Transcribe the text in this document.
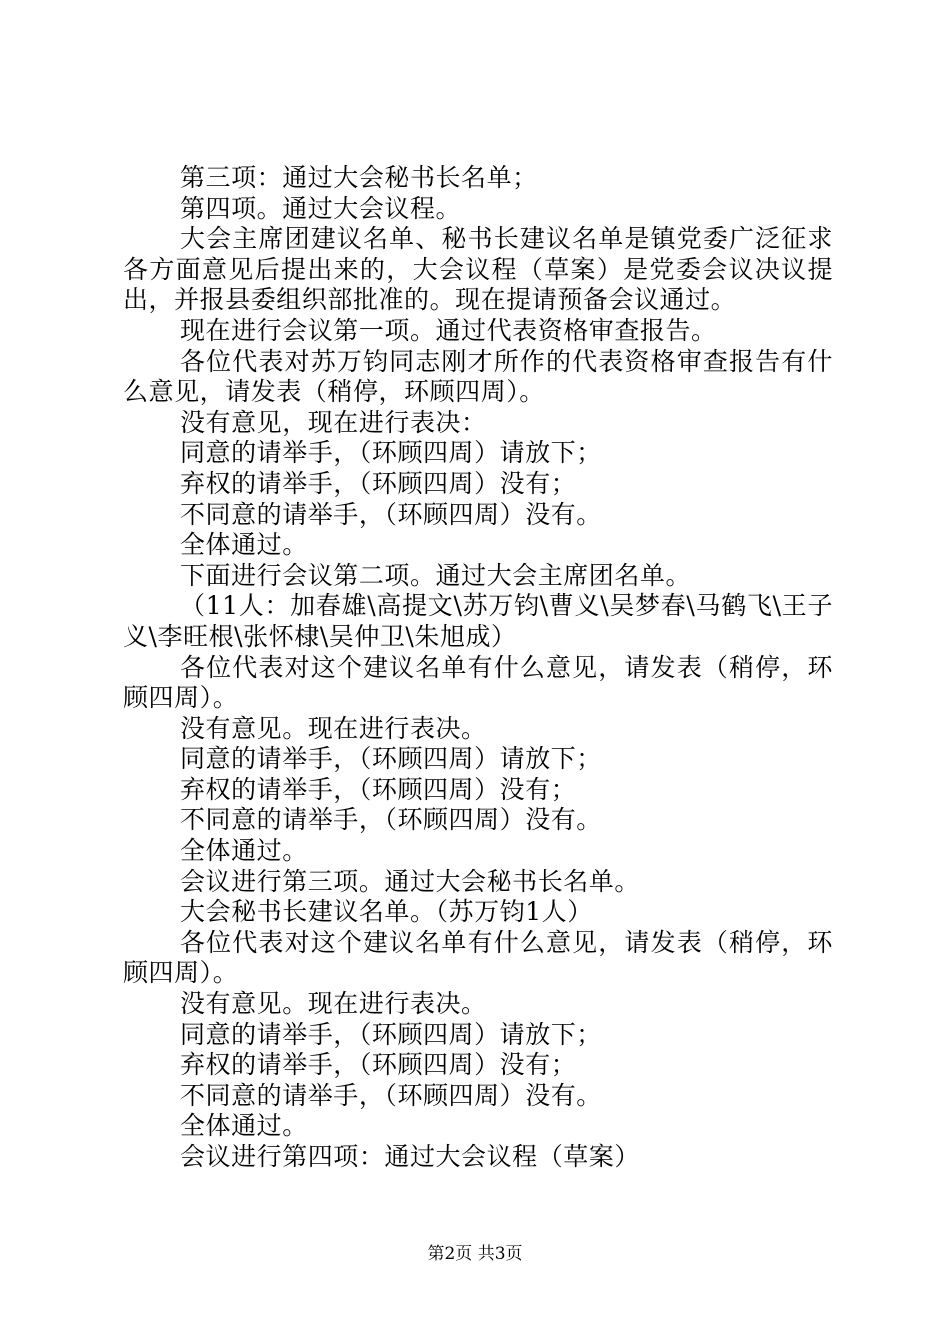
第三项：通过大会秘书长名单；

第四项。通过大会议程。

大会主席团建议名单、秘书长建议名单是镇党委广泛征求各方面意见后提出来的，大会议程（草案）是党委会议决议提出，并报县委组织部批准的。现在提请预备会议通过。

现在进行会议第一项。通过代表资格审查报告。

各位代表对苏万钧同志刚才所作的代表资格审查报告有什么意见，请发表（稍停，环顾四周）。

没有意见，现在进行表决：

同意的请举手，（环顾四周）请放下；

弃权的请举手，（环顾四周）没有；

不同意的请举手，（环顾四周）没有。

全体通过。

下面进行会议第二项。通过大会主席团名单。

（11人：加春雄\高提文\苏万钧\曹义\吴梦春\马鹤飞\王子义\李旺根\张怀棣\吴仲卫\朱旭成）

各位代表对这个建议名单有什么意见，请发表（稍停，环顾四周）。

没有意见。现在进行表决。

同意的请举手，（环顾四周）请放下；

弃权的请举手，（环顾四周）没有；

不同意的请举手，（环顾四周）没有。

全体通过。

会议进行第三项。通过大会秘书长名单。

大会秘书长建议名单。（苏万钧1人）

各位代表对这个建议名单有什么意见，请发表（稍停，环顾四周）。

没有意见。现在进行表决。

同意的请举手，（环顾四周）请放下；

弃权的请举手，（环顾四周）没有；

不同意的请举手，（环顾四周）没有。

全体通过。

会议进行第四项：通过大会议程（草案）

第2页 共3页
